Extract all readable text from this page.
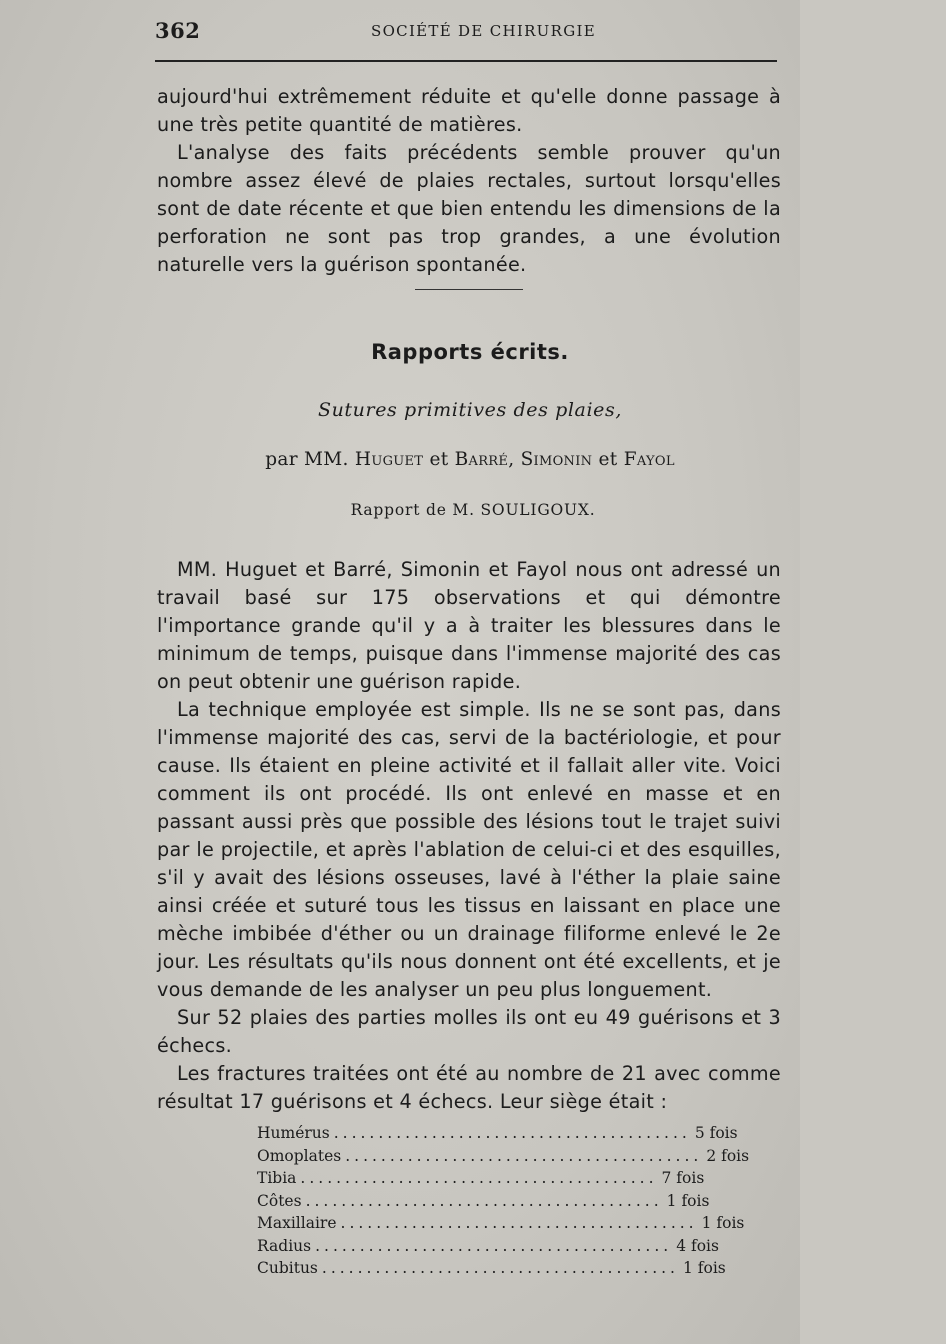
362	SOCIÉTÉ DE CHIRURGIE

aujourd'hui extrêmement réduite et qu'elle donne passage à une très petite quantité de matières.

L'analyse des faits précédents semble prouver qu'un nombre assez élevé de plaies rectales, surtout lorsqu'elles sont de date récente et que bien entendu les dimensions de la perforation ne sont pas trop grandes, a une évolution naturelle vers la guérison spontanée.

Rapports écrits.
Sutures primitives des plaies,
par MM. Huguet et Barré, Simonin et Fayol
Rapport de M. SOULIGOUX.

MM. Huguet et Barré, Simonin et Fayol nous ont adressé un travail basé sur 175 observations et qui démontre l'importance grande qu'il y a à traiter les blessures dans le minimum de temps, puisque dans l'immense majorité des cas on peut obtenir une guérison rapide.

La technique employée est simple. Ils ne se sont pas, dans l'immense majorité des cas, servi de la bactériologie, et pour cause. Ils étaient en pleine activité et il fallait aller vite. Voici comment ils ont procédé. Ils ont enlevé en masse et en passant aussi près que possible des lésions tout le trajet suivi par le projectile, et après l'ablation de celui-ci et des esquilles, s'il y avait des lésions osseuses, lavé à l'éther la plaie saine ainsi créée et suturé tous les tissus en laissant en place une mèche imbibée d'éther ou un drainage filiforme enlevé le 2e jour. Les résultats qu'ils nous donnent ont été excellents, et je vous demande de les analyser un peu plus longuement.

Sur 52 plaies des parties molles ils ont eu 49 guérisons et 3 échecs.

Les fractures traitées ont été au nombre de 21 avec comme résultat 17 guérisons et 4 échecs. Leur siège était :

Humérus ........................................ 5 fois
Omoplates ........................................ 2 fois
Tibia ........................................ 7 fois
Côtes ........................................ 1 fois
Maxillaire ........................................ 1 fois
Radius ........................................ 4 fois
Cubitus ........................................ 1 fois
